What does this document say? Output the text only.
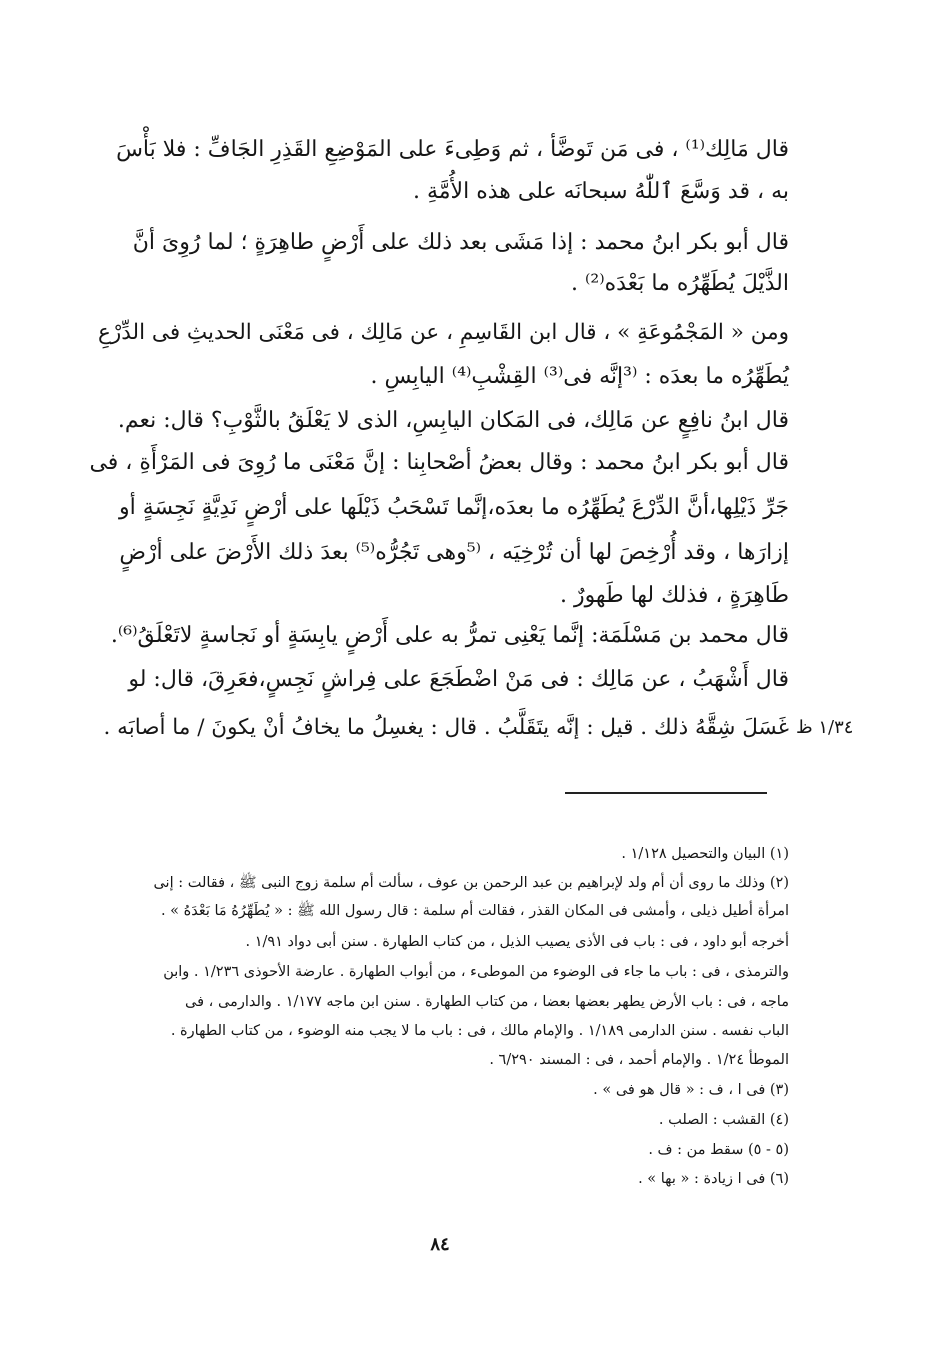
قال مَالِك⁽¹⁾ ، فى مَن تَوضَّأ ، ثم وَطِىءَ على المَوْضِعِ القَذِرِ الجَافِّ : فلا بَأْسَ
به ، قد وَسَّعَ ٱللّٰهُ سبحانَه على هذه الأُمَّةِ .
قال أبو بكر ابنُ محمد : إذا مَشَى بعد ذلك على أَرْضٍ طاهِرَةٍ ؛ لما رُوِىَ أنَّ
الذَّيْلَ يُطَهِّرُه ما بَعْدَه⁽²⁾ .
ومن « المَجْمُوعَةِ » ، قال ابن القَاسِمِ ، عن مَالِك ، فى مَعْنَى الحديثِ فى الدِّرْعِ
يُطَهِّرُه ما بعدَه : ⁽³إنَّه فى⁽³⁾ القِشْبِ⁽⁴⁾ اليابِسِ .
قال ابنُ نافِعٍ عن مَالِك، فى المَكان اليابِسِ، الذى لا يَعْلَقُ بالثَّوْبِ؟ قال: نعم.
قال أبو بكر ابنُ محمد : وقال بعضُ أصْحابِنا : إنَّ مَعْنَى ما رُوِىَ فى المَرْأَةِ ، فى
جَرِّ ذَيْلِها،أنَّ الدِّرْعَ يُطَهِّرُه ما بعدَه،إنَّما تَسْحَبُ ذَيْلَها على أرْضٍ نَدِيَّةٍ نَجِسَةٍ أو
إزارَها ، وقد أُرْخِصَ لها أن تُرْخِيَه ، ⁽⁵وهى تَجُرُّه⁽⁵⁾ بعدَ ذلك الأَرْضَ على أرْضٍ
طَاهِرَةٍ ، فذلك لها طَهورٌ .
قال محمد بن مَسْلَمَة: إنَّما يَعْنِى تمرُّ به على أَرْضٍ يابِسَةٍ أو نَجاسةٍ لاتَعْلَقُ⁽⁶⁾.
قال أَشْهَبُ ، عن مَالِك : فى مَنْ اضْطَجَعَ على فِراشٍ نَجِسٍ،فعَرِقَ، قال: لو
غَسَلَ شِقَّهُ ذلك . قيل : إنَّه يتَقَلَّبُ . قال : يغسِلُ ما يخافُ أنْ يكونَ / ما أصابَه . ١/٣٤ ظ
(١) البيان والتحصيل ١/١٢٨ .
(٢) وذلك ما روى أن أم ولد لإبراهيم بن عبد الرحمن بن عوف ، سألت أم سلمة زوج النبى ﷺ ، فقالت : إنى
امرأة أطيل ذيلى ، وأمشى فى المكان القذر ، فقالت أم سلمة : قال رسول الله ﷺ : « يُطَهِّرُهُ مَا بَعْدَهُ » .
أخرجه أبو داود ، فى : باب فى الأذى يصيب الذيل ، من كتاب الطهارة . سنن أبى دواد ١/٩١ .
والترمذى ، فى : باب ما جاء فى الوضوء من الموطىء ، من أبواب الطهارة . عارضة الأحوذى ١/٢٣٦ . وابن
ماجه ، فى : باب الأرض يطهر بعضها بعضا ، من كتاب الطهارة . سنن ابن ماجه ١/١٧٧ . والدارمى ، فى
الباب نفسه . سنن الدارمى ١/١٨٩ . والإمام مالك ، فى : باب ما لا يجب منه الوضوء ، من كتاب الطهارة .
الموطأ ١/٢٤ . والإمام أحمد ، فى : المسند ٦/٢٩٠ .
(٣) فى ا ، ف : « قال هو فى » .
(٤) القشب : الصلب .
(٥ - ٥) سقط من : ف .
(٦) فى ا زيادة : « بها » .
٨٤
